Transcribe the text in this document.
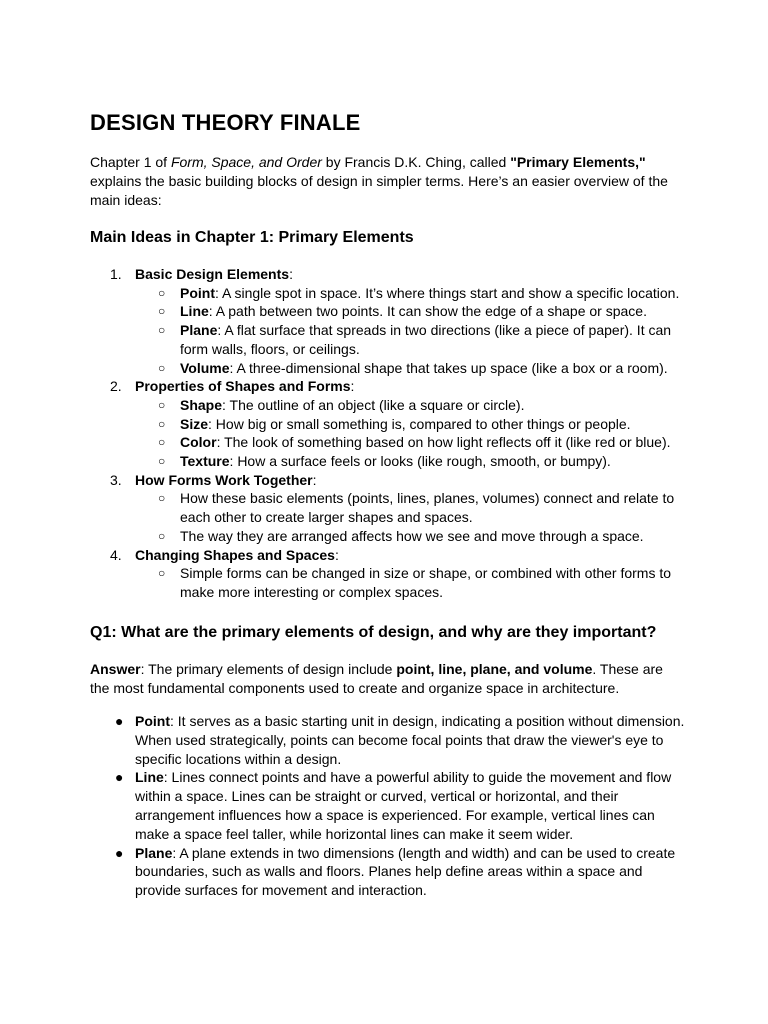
DESIGN THEORY FINALE

Chapter 1 of Form, Space, and Order by Francis D.K. Ching, called "Primary Elements," explains the basic building blocks of design in simpler terms. Here’s an easier overview of the main ideas:

Main Ideas in Chapter 1: Primary Elements
1. Basic Design Elements:
○ Point: A single spot in space. It’s where things start and show a specific location.
○ Line: A path between two points. It can show the edge of a shape or space.
○ Plane: A flat surface that spreads in two directions (like a piece of paper). It can form walls, floors, or ceilings.
○ Volume: A three-dimensional shape that takes up space (like a box or a room).
2. Properties of Shapes and Forms:
○ Shape: The outline of an object (like a square or circle).
○ Size: How big or small something is, compared to other things or people.
○ Color: The look of something based on how light reflects off it (like red or blue).
○ Texture: How a surface feels or looks (like rough, smooth, or bumpy).
3. How Forms Work Together:
○ How these basic elements (points, lines, planes, volumes) connect and relate to each other to create larger shapes and spaces.
○ The way they are arranged affects how we see and move through a space.
4. Changing Shapes and Spaces:
○ Simple forms can be changed in size or shape, or combined with other forms to make more interesting or complex spaces.
Q1: What are the primary elements of design, and why are they important?

Answer: The primary elements of design include point, line, plane, and volume. These are the most fundamental components used to create and organize space in architecture.

● Point: It serves as a basic starting unit in design, indicating a position without dimension. When used strategically, points can become focal points that draw the viewer's eye to specific locations within a design.
● Line: Lines connect points and have a powerful ability to guide the movement and flow within a space. Lines can be straight or curved, vertical or horizontal, and their arrangement influences how a space is experienced. For example, vertical lines can make a space feel taller, while horizontal lines can make it seem wider.
● Plane: A plane extends in two dimensions (length and width) and can be used to create boundaries, such as walls and floors. Planes help define areas within a space and provide surfaces for movement and interaction.
